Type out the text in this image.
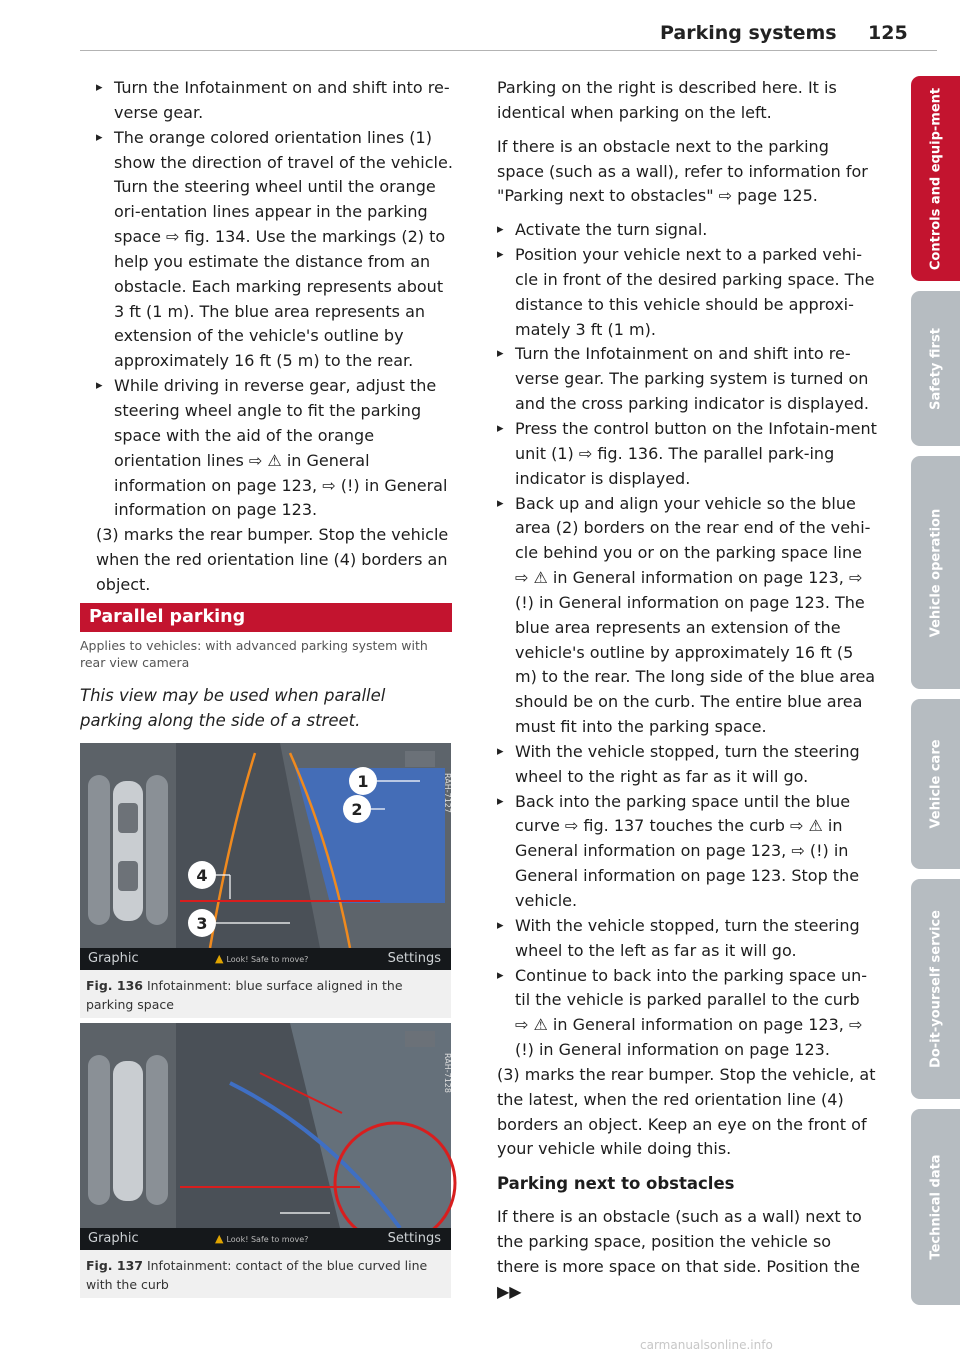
Parking systems 125
▸ Turn the Infotainment on and shift into re-verse gear.
▸ The orange colored orientation lines (1) show the direction of travel of the vehicle. Turn the steering wheel until the orange ori-entation lines appear in the parking space ⇨ fig. 134. Use the markings (2) to help you estimate the distance from an obstacle. Each marking represents about 3 ft (1 m). The blue area represents an extension of the vehicle's outline by approximately 16 ft (5 m) to the rear.
▸ While driving in reverse gear, adjust the steering wheel angle to fit the parking space with the aid of the orange orientation lines ⇨ ⚠ in General information on page 123, ⇨ (!) in General information on page 123.

(3) marks the rear bumper. Stop the vehicle when the red orientation line (4) borders an object.

Parallel parking
Applies to vehicles: with advanced parking system with rear view camera
This view may be used when parallel parking along the side of a street.
1
2
3
4
RAH-7127
Graphic	▲ Look! Safe to move?	Settings
Fig. 136 Infotainment: blue surface aligned in the parking space
RAH-7128
Graphic	▲ Look! Safe to move?	Settings
Fig. 137 Infotainment: contact of the blue curved line with the curb

Parking on the right is described here. It is identical when parking on the left.

If there is an obstacle next to the parking space (such as a wall), refer to information for "Parking next to obstacles" ⇨ page 125.

▸ Activate the turn signal.
▸ Position your vehicle next to a parked vehi-cle in front of the desired parking space. The distance to this vehicle should be approxi-mately 3 ft (1 m).
▸ Turn the Infotainment on and shift into re-verse gear. The parking system is turned on and the cross parking indicator is displayed.
▸ Press the control button on the Infotain-ment unit (1) ⇨ fig. 136. The parallel park-ing indicator is displayed.
▸ Back up and align your vehicle so the blue area (2) borders on the rear end of the vehi-cle behind you or on the parking space line ⇨ ⚠ in General information on page 123, ⇨ (!) in General information on page 123. The blue area represents an extension of the vehicle's outline by approximately 16 ft (5 m) to the rear. The long side of the blue area should be on the curb. The entire blue area must fit into the parking space.
▸ With the vehicle stopped, turn the steering wheel to the right as far as it will go.
▸ Back into the parking space until the blue curve ⇨ fig. 137 touches the curb ⇨ ⚠ in General information on page 123, ⇨ (!) in General information on page 123. Stop the vehicle.
▸ With the vehicle stopped, turn the steering wheel to the left as far as it will go.
▸ Continue to back into the parking space un-til the vehicle is parked parallel to the curb ⇨ ⚠ in General information on page 123, ⇨ (!) in General information on page 123.

(3) marks the rear bumper. Stop the vehicle, at the latest, when the red orientation line (4) borders an object. Keep an eye on the front of your vehicle while doing this.

Parking next to obstacles

If there is an obstacle (such as a wall) next to the parking space, position the vehicle so there is more space on that side. Position the ▶▶

Controls and equip-ment
Safety first
Vehicle operation
Vehicle care
Do-it-yourself service
Technical data
carmanualsonline.info
